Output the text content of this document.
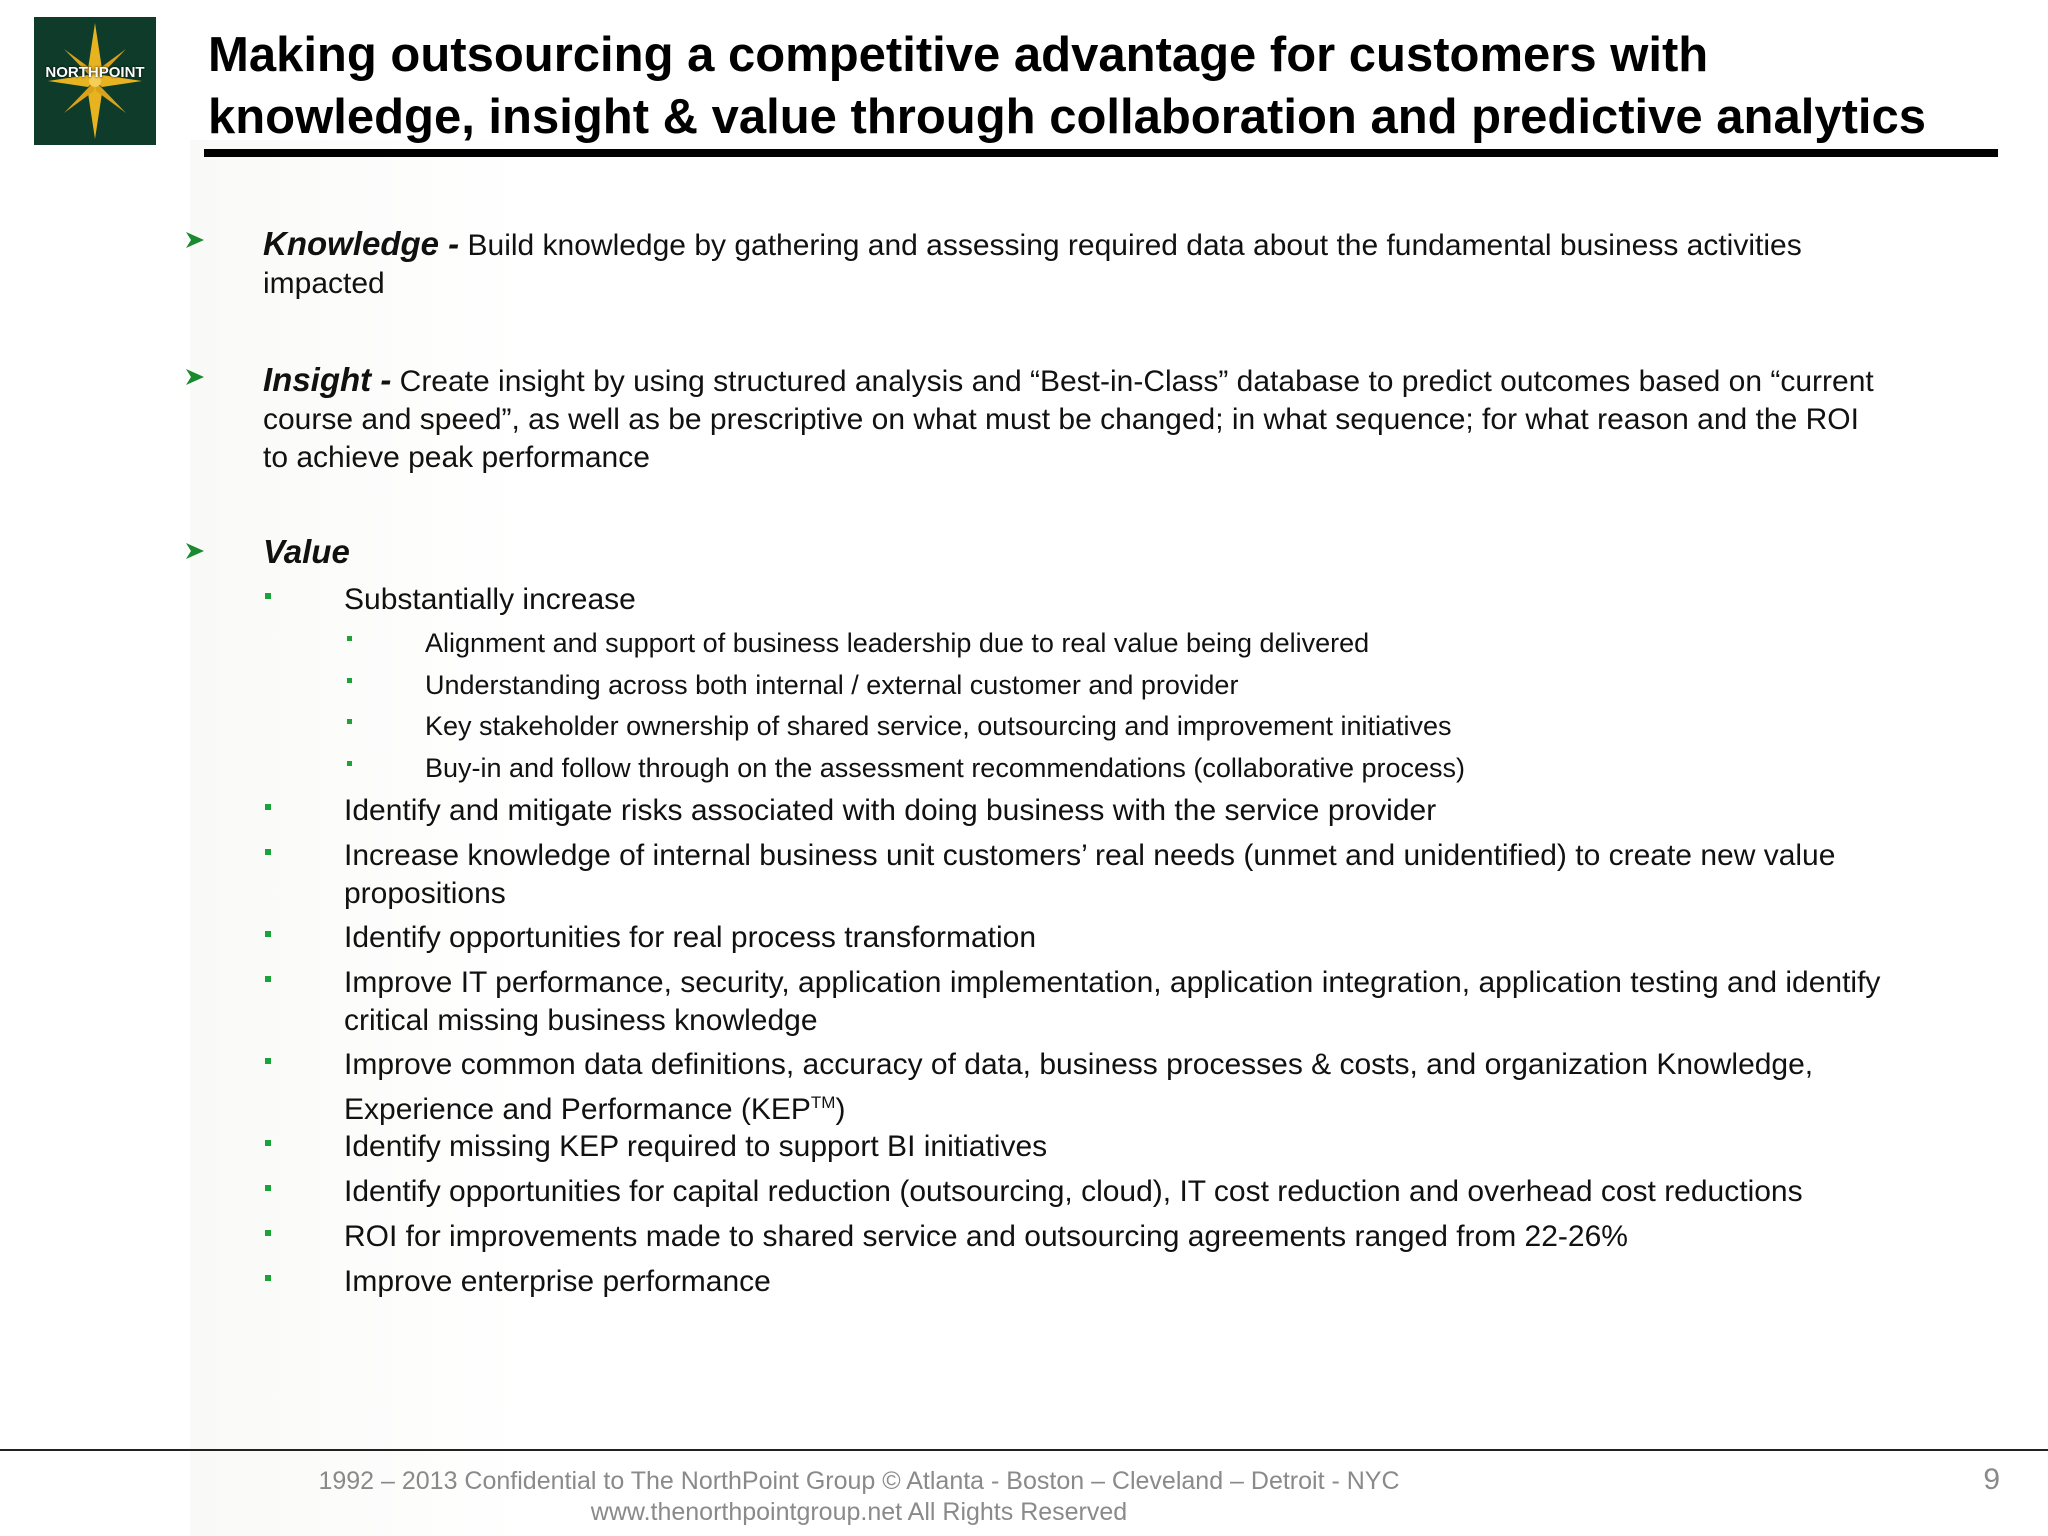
NORTHPOINT Making outsourcing a competitive advantage for customers with
knowledge, insight & value through collaboration and predictive analytics
Knowledge - Build knowledge by gathering and assessing required data about the fundamental business activities
impacted
Insight - Create insight by using structured analysis and “Best-in-Class” database to predict outcomes based on “current
course and speed”, as well as be prescriptive on what must be changed; in what sequence; for what reason and the ROI
to achieve peak performance
Value
Substantially increase
Alignment and support of business leadership due to real value being delivered
Understanding across both internal / external customer and provider
Key stakeholder ownership of shared service, outsourcing and improvement initiatives
Buy-in and follow through on the assessment recommendations (collaborative process)
Identify and mitigate risks associated with doing business with the service provider
Increase knowledge of internal business unit customers’ real needs (unmet and unidentified) to create new value
propositions
Identify opportunities for real process transformation
Improve IT performance, security, application implementation, application integration, application testing and identify
critical missing business knowledge
Improve common data definitions, accuracy of data, business processes & costs, and organization Knowledge,
Experience and Performance (KEP™)
Identify missing KEP required to support BI initiatives
Identify opportunities for capital reduction (outsourcing, cloud), IT cost reduction and overhead cost reductions
ROI for improvements made to shared service and outsourcing agreements ranged from 22-26%
Improve enterprise performance
1992 – 2013 Confidential to The NorthPoint Group © Atlanta - Boston – Cleveland – Detroit - NYC
www.thenorthpointgroup.net All Rights Reserved
9
